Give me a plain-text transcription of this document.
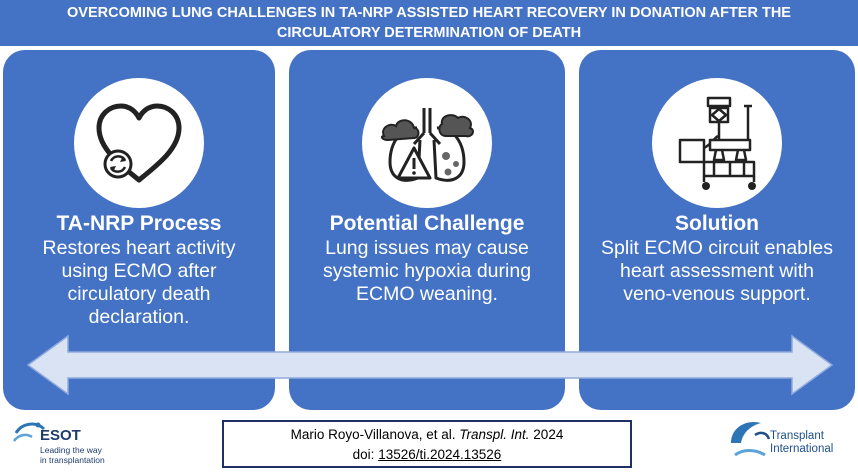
OVERCOMING LUNG CHALLENGES IN TA-NRP ASSISTED HEART RECOVERY IN DONATION AFTER THE
CIRCULATORY DETERMINATION OF DEATH
TA-NRP Process
Restores heart activity
using ECMO after
circulatory death
declaration.
Potential Challenge
Lung issues may cause
systemic hypoxia during
ECMO weaning.
Solution
Split ECMO circuit enables
heart assessment with
veno-venous support.
ESOT
Leading the way
in transplantation
Mario Royo-Villanova, et al. Transpl. Int. 2024
doi: 13526/ti.2024.13526
Transplant
International
